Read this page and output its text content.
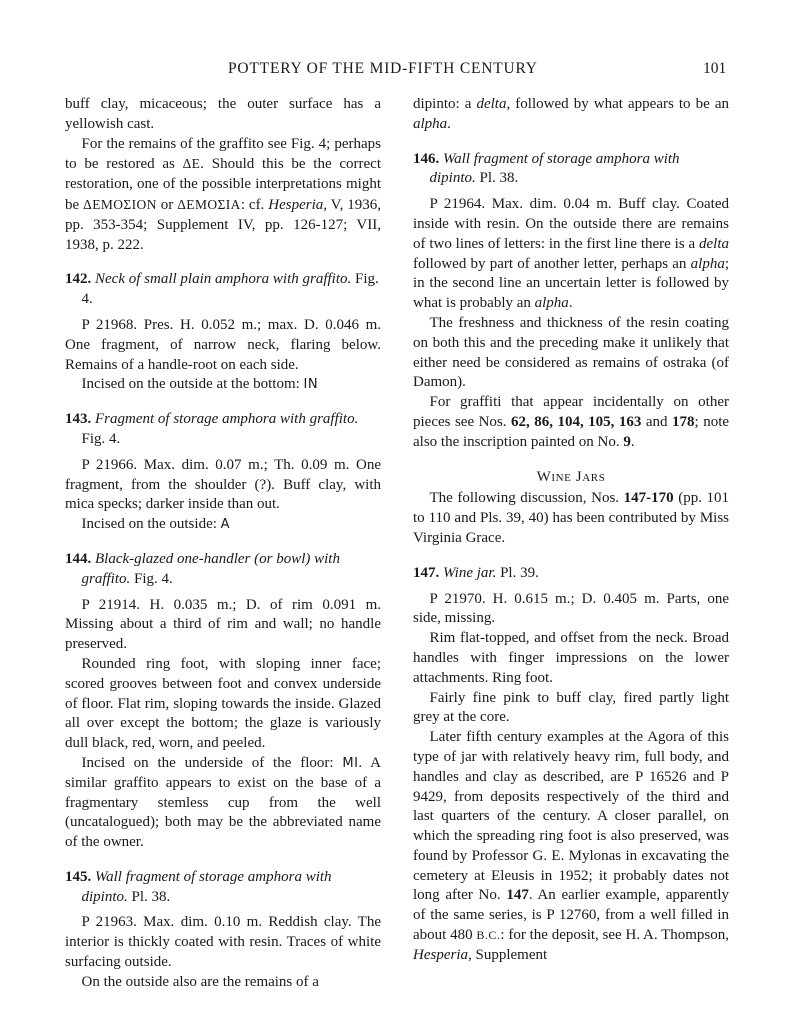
POTTERY OF THE MID-FIFTH CENTURY	101

buff clay, micaceous; the outer surface has a yellowish cast.

For the remains of the graffito see Fig. 4; perhaps to be restored as ΔΕ. Should this be the correct restoration, one of the possible interpretations might be ΔΕΜΟΣΙΟΝ or ΔΕΜΟΣΙΑ: cf. Hesperia, V, 1936, pp. 353-354; Supplement IV, pp. 126-127; VII, 1938, p. 222.

142. Neck of small plain amphora with graffito. Fig. 4.

P 21968. Pres. H. 0.052 m.; max. D. 0.046 m. One fragment, of narrow neck, flaring below. Remains of a handle-root on each side.

Incised on the outside at the bottom: IN

143. Fragment of storage amphora with graffito. Fig. 4.

P 21966. Max. dim. 0.07 m.; Th. 0.09 m. One fragment, from the shoulder (?). Buff clay, with mica specks; darker inside than out.

Incised on the outside: A

144. Black-glazed one-handler (or bowl) with graffito. Fig. 4.

P 21914. H. 0.035 m.; D. of rim 0.091 m. Missing about a third of rim and wall; no handle preserved.

Rounded ring foot, with sloping inner face; scored grooves between foot and convex underside of floor. Flat rim, sloping towards the inside. Glazed all over except the bottom; the glaze is variously dull black, red, worn, and peeled.

Incised on the underside of the floor: MI. A similar graffito appears to exist on the base of a fragmentary stemless cup from the well (uncatalogued); both may be the abbreviated name of the owner.

145. Wall fragment of storage amphora with dipinto. Pl. 38.

P 21963. Max. dim. 0.10 m. Reddish clay. The interior is thickly coated with resin. Traces of white surfacing outside.

On the outside also are the remains of a

dipinto: a delta, followed by what appears to be an alpha.

146. Wall fragment of storage amphora with dipinto. Pl. 38.

P 21964. Max. dim. 0.04 m. Buff clay. Coated inside with resin. On the outside there are remains of two lines of letters: in the first line there is a delta followed by part of another letter, perhaps an alpha; in the second line an uncertain letter is followed by what is probably an alpha.

The freshness and thickness of the resin coating on both this and the preceding make it unlikely that either need be considered as remains of ostraka (of Damon).

For graffiti that appear incidentally on other pieces see Nos. 62, 86, 104, 105, 163 and 178; note also the inscription painted on No. 9.

Wine Jars

The following discussion, Nos. 147-170 (pp. 101 to 110 and Pls. 39, 40) has been contributed by Miss Virginia Grace.

147. Wine jar. Pl. 39.

P 21970. H. 0.615 m.; D. 0.405 m. Parts, one side, missing.

Rim flat-topped, and offset from the neck. Broad handles with finger impressions on the lower attachments. Ring foot.

Fairly fine pink to buff clay, fired partly light grey at the core.

Later fifth century examples at the Agora of this type of jar with relatively heavy rim, full body, and handles and clay as described, are P 16526 and P 9429, from deposits respectively of the third and last quarters of the century. A closer parallel, on which the spreading ring foot is also preserved, was found by Professor G. E. Mylonas in excavating the cemetery at Eleusis in 1952; it probably dates not long after No. 147. An earlier example, apparently of the same series, is P 12760, from a well filled in about 480 B.C.: for the deposit, see H. A. Thompson, Hesperia, Supplement
